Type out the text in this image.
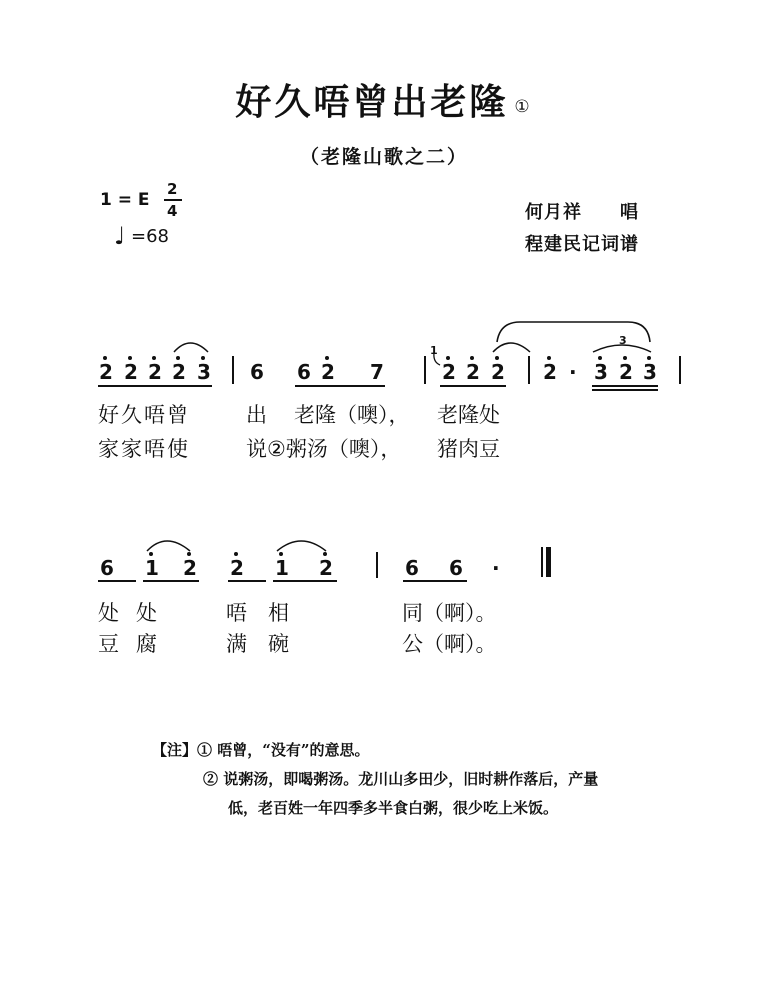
好久唔曾出老隆 ①
（老隆山歌之二）
1 = E
2
4
♩ =68
何月祥　　唱
程建民记词谱
3
1
2 2 2 2 3 6 6 2 7	2 2 2 2 · 3 2 3
好久唔曾	出 老隆（噢）， 老隆处
家家唔使	说②粥汤（噢）， 猪肉豆
6 1 2 2 1 2	6 6 ·
处 处	唔 相	同（啊）。
豆 腐	满 碗	公（啊）。
【注】① 唔曾，“没有”的意思。
② 说粥汤，即喝粥汤。龙川山多田少，旧时耕作落后，产量
低，老百姓一年四季多半食白粥，很少吃上米饭。
